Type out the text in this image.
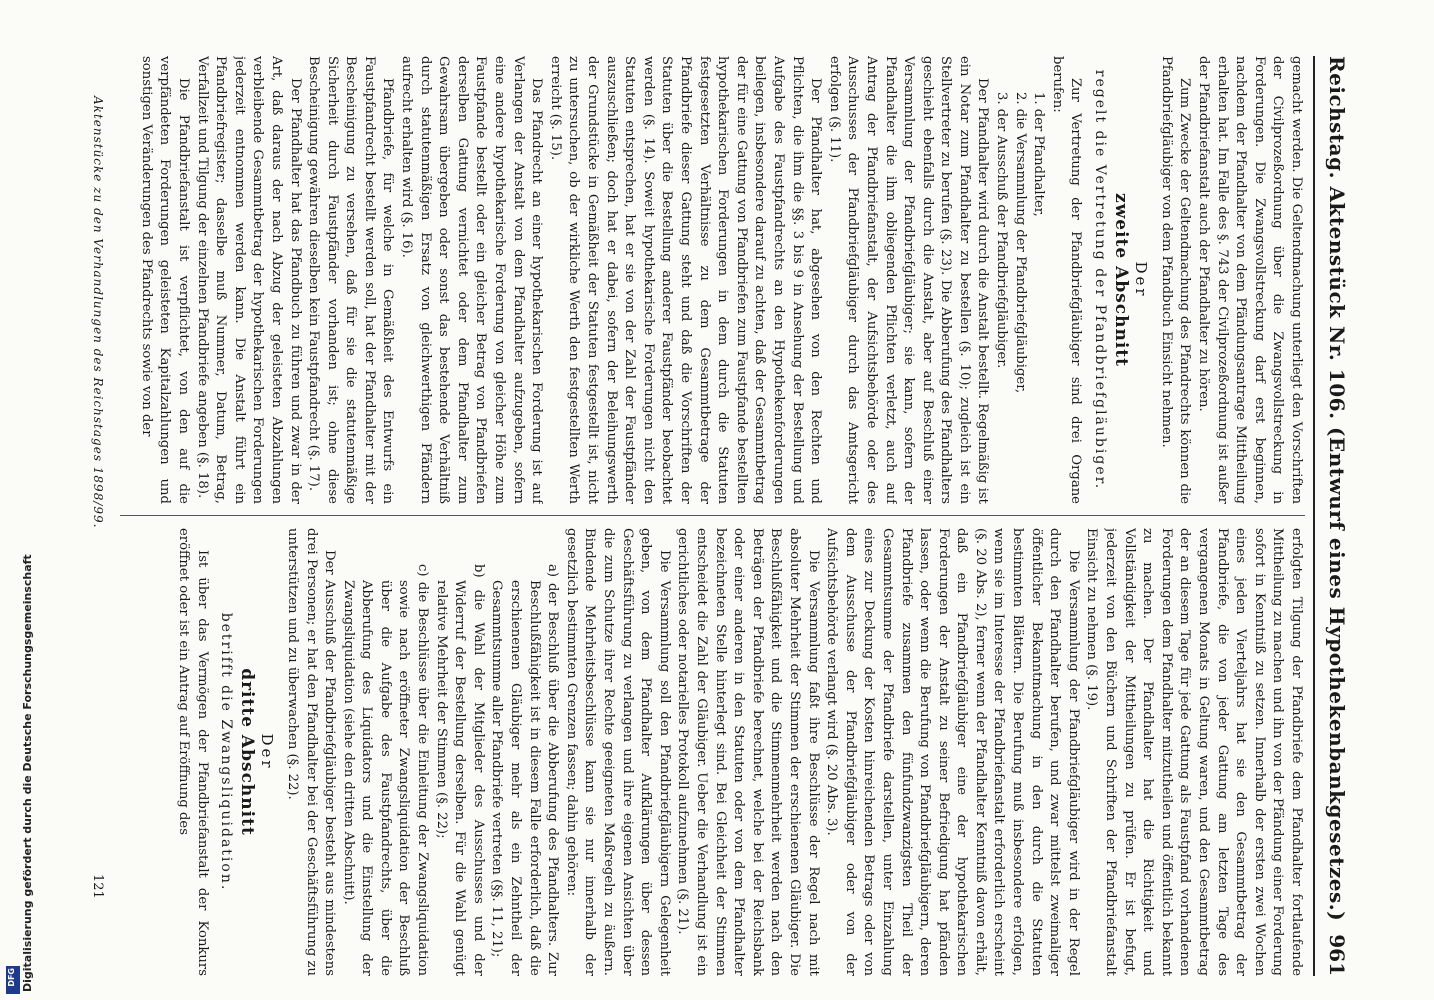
Reichstag. Aktenstück Nr. 106. (Entwurf eines Hypothekenbankgesetzes.)
961

gemacht werden. Die Geltendmachung unterliegt den Vorschriften der Civilprozeßordnung über die Zwangsvollstreckung in Forderungen. Die Zwangsvollstreckung darf erst beginnen, nachdem der Pfandhalter von dem Pfändungsantrage Mittheilung erhalten hat. Im Falle des §. 743 der Civilprozeßordnung ist außer der Pfandbriefanstalt auch der Pfandhalter zu hören.

Zum Zwecke der Geltendmachung des Pfandrechts können die Pfandbriefgläubiger von dem Pfandbuch Einsicht nehmen.

Der
zweite Abschnitt
regelt die Vertretung der Pfandbriefgläubiger.

Zur Vertretung der Pfandbriefgläubiger sind drei Organe berufen:

1. der Pfandhalter,
2. die Versammlung der Pfandbriefgläubiger,
3. der Ausschuß der Pfandbriefgläubiger.

Der Pfandhalter wird durch die Anstalt bestellt. Regelmäßig ist ein Notar zum Pfandhalter zu bestellen (§. 10); zugleich ist ein Stellvertreter zu berufen (§. 23). Die Abberufung des Pfandhalters geschieht ebenfalls durch die Anstalt, aber auf Beschluß einer Versammlung der Pfandbriefgläubiger; sie kann, sofern der Pfandhalter die ihm obliegenden Pflichten verletzt, auch auf Antrag der Pfandbriefanstalt, der Aufsichtsbehörde oder des Ausschusses der Pfandbriefgläubiger durch das Amtsgericht erfolgen (§. 11).

Der Pfandhalter hat, abgesehen von den Rechten und Pflichten, die ihm die §§. 3 bis 9 in Ansehung der Bestellung und Aufgabe des Faustpfandrechts an den Hypothekenforderungen beilegen, insbesondere darauf zu achten, daß der Gesammtbetrag der für eine Gattung von Pfandbriefen zum Faustpfande bestellten hypothekarischen Forderungen in dem durch die Statuten festgesetzten Verhältnisse zu dem Gesammtbetrage der Pfandbriefe dieser Gattung steht und daß die Vorschriften der Statuten über die Bestellung anderer Faustpfänder beobachtet werden (§. 14). Soweit hypothekarische Forderungen nicht den Statuten entsprechen, hat er sie von der Zahl der Faustpfänder auszuschließen; doch hat er dabei, sofern der Beleihungswerth der Grundstücke in Gemäßheit der Statuten festgestellt ist, nicht zu untersuchen, ob der wirkliche Werth den festgestellten Werth erreicht (§. 15).

Das Pfandrecht an einer hypothekarischen Forderung ist auf Verlangen der Anstalt von dem Pfandhalter aufzugeben, sofern eine andere hypothekarische Forderung von gleicher Höhe zum Faustpfande bestellt oder ein gleicher Betrag von Pfandbriefen derselben Gattung vernichtet oder dem Pfandhalter zum Gewahrsam übergeben oder sonst das bestehende Verhältniß durch statutenmäßigen Ersatz von gleichwerthigen Pfändern aufrecht erhalten wird (§. 16).

Pfandbriefe, für welche in Gemäßheit des Entwurfs ein Faustpfandrecht bestellt werden soll, hat der Pfandhalter mit der Bescheinigung zu versehen, daß für sie die statutenmäßige Sicherheit durch Faustpfänder vorhanden ist; ohne diese Bescheinigung gewähren dieselben kein Faustpfandrecht (§. 17).

Der Pfandhalter hat das Pfandbuch zu führen und zwar in der Art, daß daraus der nach Abzug der geleisteten Abzahlungen verbleibende Gesammtbetrag der hypothekarischen Forderungen jederzeit entnommen werden kann. Die Anstalt führt ein Pfandbriefregister; dasselbe muß Nummer, Datum, Betrag, Verfallzeit und Tilgung der einzelnen Pfandbriefe angeben (§. 18).

Die Pfandbriefanstalt ist verpflichtet, von den auf die verpfändeten Forderungen geleisteten Kapitalzahlungen und sonstigen Veränderungen des Pfandrechts sowie von der

erfolgten Tilgung der Pfandbriefe dem Pfandhalter fortlaufende Mittheilung zu machen und ihn von der Pfändung einer Forderung sofort in Kenntniß zu setzen. Innerhalb der ersten zwei Wochen eines jeden Vierteljahrs hat sie den Gesammtbetrag der Pfandbriefe, die von jeder Gattung am letzten Tage des vergangenen Monats in Geltung waren, und den Gesammtbetrag der an diesem Tage für jede Gattung als Faustpfand vorhandenen Forderungen dem Pfandhalter mitzutheilen und öffentlich bekannt zu machen. Der Pfandhalter hat die Richtigkeit und Vollständigkeit der Mittheilungen zu prüfen. Er ist befugt, jederzeit von den Büchern und Schriften der Pfandbriefanstalt Einsicht zu nehmen (§. 19).

Die Versammlung der Pfandbriefgläubiger wird in der Regel durch den Pfandhalter berufen, und zwar mittelst zweimaliger öffentlicher Bekanntmachung in den durch die Statuten bestimmten Blättern. Die Berufung muß insbesondere erfolgen, wenn sie im Interesse der Pfandbriefanstalt erforderlich erscheint (§. 20 Abs. 2), ferner wenn der Pfandhalter Kenntniß davon erhält, daß ein Pfandbriefgläubiger eine der hypothekarischen Forderungen der Anstalt zu seiner Befriedigung hat pfänden lassen, oder wenn die Berufung von Pfandbriefgläubigern, deren Pfandbriefe zusammen den fünfundzwanzigsten Theil der Gesammtsumme der Pfandbriefe darstellen, unter Einzahlung eines zur Deckung der Kosten hinreichenden Betrags oder von dem Ausschusse der Pfandbriefgläubiger oder von der Aufsichtsbehörde verlangt wird (§. 20 Abs. 3).

Die Versammlung faßt ihre Beschlüsse der Regel nach mit absoluter Mehrheit der Stimmen der erschienenen Gläubiger. Die Beschlußfähigkeit und die Stimmenmehrheit werden nach den Beträgen der Pfandbriefe berechnet, welche bei der Reichsbank oder einer anderen in den Statuten oder von dem Pfandhalter bezeichneten Stelle hinterlegt sind. Bei Gleichheit der Stimmen entscheidet die Zahl der Gläubiger. Ueber die Verhandlung ist ein gerichtliches oder notarielles Protokoll aufzunehmen (§. 21).

Die Versammlung soll den Pfandbriefgläubigern Gelegenheit geben, von dem Pfandhalter Aufklärungen über dessen Geschäftsführung zu verlangen und ihre eigenen Ansichten über die zum Schutze ihrer Rechte geeigneten Maßregeln zu äußern. Bindende Mehrheitsbeschlüsse kann sie nur innerhalb der gesetzlich bestimmten Grenzen fassen; dahin gehören:

a) der Beschluß über die Abberufung des Pfandhalters. Zur Beschlußfähigkeit ist in diesem Falle erforderlich, daß die erschienenen Gläubiger mehr als ein Zehntheil der Gesammtsumme aller Pfandbriefe vertreten (§§. 11, 21);
b) die Wahl der Mitglieder des Ausschusses und der Widerruf der Bestellung derselben. Für die Wahl genügt relative Mehrheit der Stimmen (§. 22);
c) die Beschlüsse über die Einleitung der Zwangsliquidation sowie nach eröffneter Zwangsliquidation der Beschluß über die Aufgabe des Faustpfandrechts, über die Abberufung des Liquidators und die Einstellung der Zwangsliquidation (siehe den dritten Abschnitt).

Der Ausschuß der Pfandbriefgläubiger besteht aus mindestens drei Personen; er hat den Pfandhalter bei der Geschäftsführung zu unterstützen und zu überwachen (§. 22).

Der
dritte Abschnitt
betrifft die Zwangsliquidation.

Ist über das Vermögen der Pfandbriefanstalt der Konkurs eröffnet oder ist ein Antrag auf Eröffnung des

Aktenstücke zu den Verhandlungen des Reichstages 1898/99.
121
Digitalisierung gefördert durch die Deutsche Forschungsgemeinschaft
DFG
